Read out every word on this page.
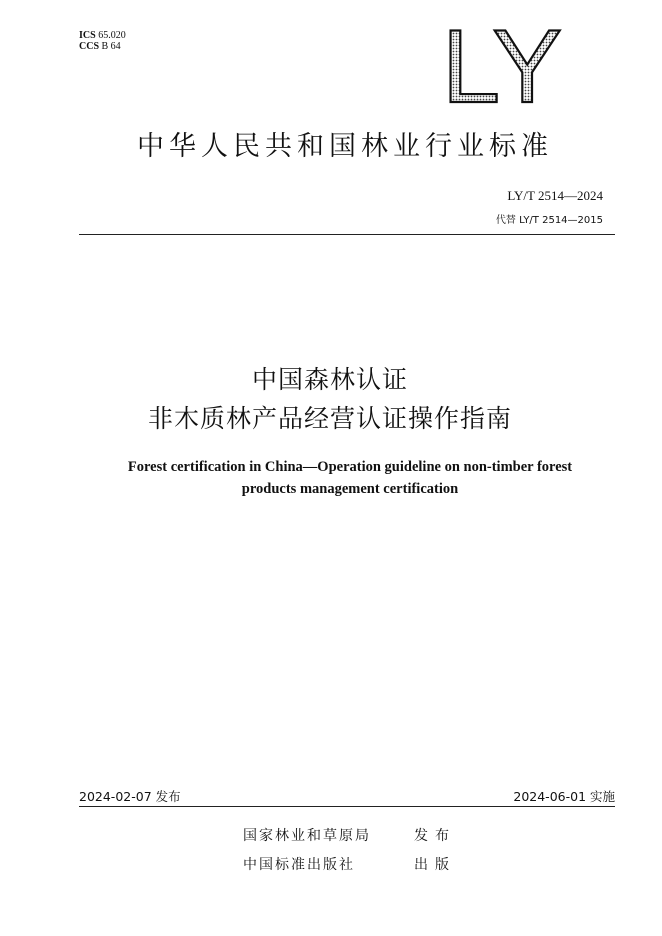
ICS 65.020
CCS B 64	LY
中华人民共和国林业行业标准
LY/T 2514—2024
代替 LY/T 2514—2015
中国森林认证
非木质林产品经营认证操作指南
Forest certification in China—Operation guideline on non-timber forest
products management certification
2024-02-07 发布	2024-06-01 实施
国家林业和草原局	发布
中国标准出版社	出版
